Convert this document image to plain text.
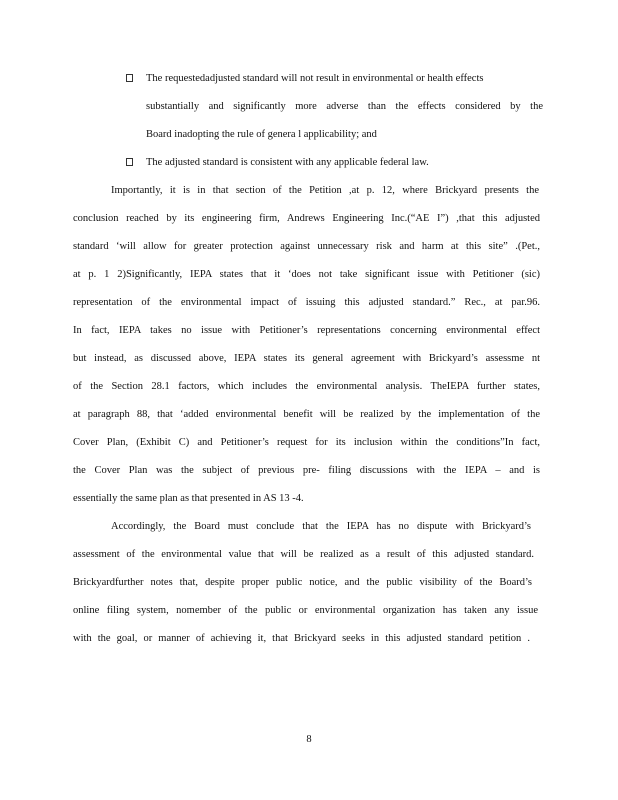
The requestedadjusted standard will not result in environmental or health effects
substantially and significantly more adverse than the effects considered by the
Board inadopting the rule of genera l applicability; and
The adjusted standard is consistent with any applicable federal law.
Importantly, it is in that section of the Petition ,at p. 12, where Brickyard presents the
conclusion reached by its engineering firm, Andrews Engineering Inc.(“AE I”) ,that this adjusted
standard ‘will allow for greater protection against unnecessary risk and harm at this site” .(Pet.,
at p. 1 2)Significantly, IEPA states that it ‘does not take significant issue with Petitioner (sic)
representation of the environmental impact of issuing this adjusted standard.” Rec., at par.96.
In fact, IEPA takes no issue with Petitioner’s representations concerning environmental effect
but instead, as discussed above, IEPA states its general agreement with Brickyard’s assessme nt
of the Section 28.1 factors, which includes the environmental analysis. TheIEPA further states,
at paragraph 88, that ‘added environmental benefit will be realized by the implementation of the
Cover Plan, (Exhibit C) and Petitioner’s request for its inclusion within the conditions”In fact,
the Cover Plan was the subject of previous pre- filing discussions with the IEPA – and is
essentially the same plan as that presented in AS 13 -4.
Accordingly, the Board must conclude that the IEPA has no dispute with Brickyard’s
assessment of the environmental value that will be realized as a result of this adjusted standard.
Brickyardfurther notes that, despite proper public notice, and the public visibility of the Board’s
online filing system, nomember of the public or environmental organization has taken any issue
with the goal, or manner of achieving it, that Brickyard seeks in this adjusted standard petition .
8
